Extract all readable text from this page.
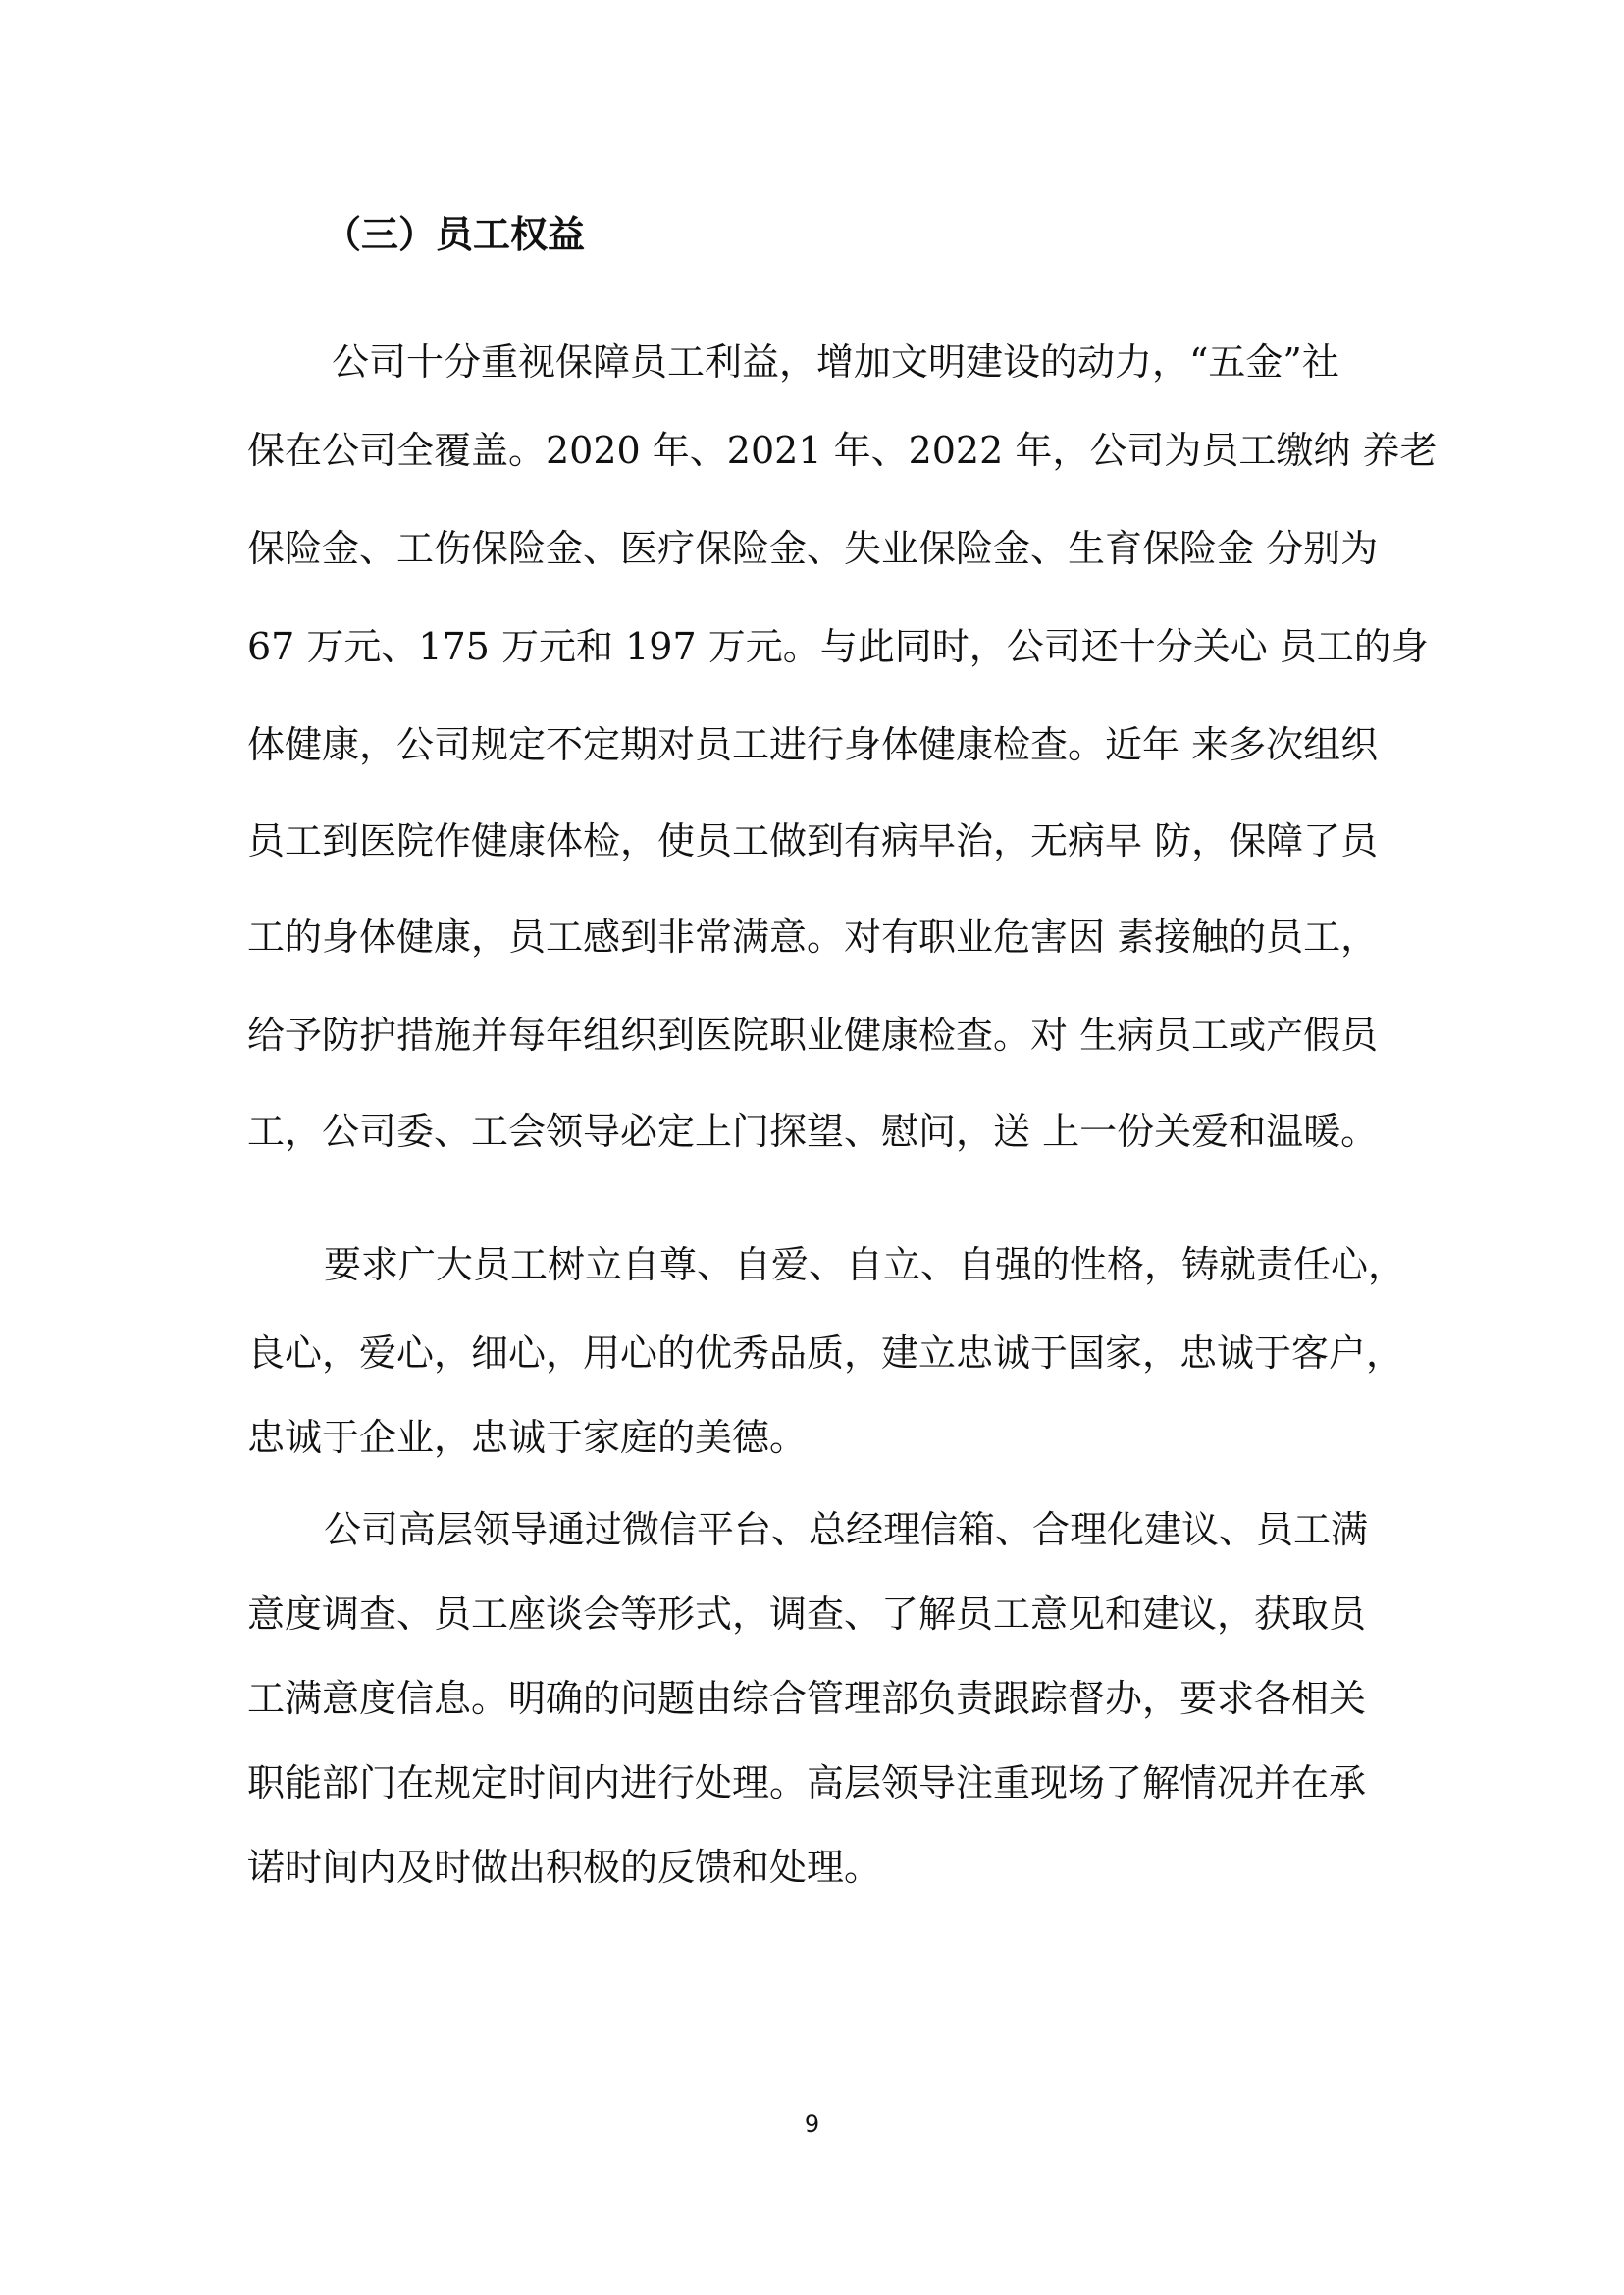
（三）员工权益
公司十分重视保障员工利益，增加文明建设的动力，“五金”社
保在公司全覆盖。2020 年、2021 年、2022 年，公司为员工缴纳 养老
保险金、工伤保险金、医疗保险金、失业保险金、生育保险金 分别为
67 万元、175 万元和 197 万元。与此同时，公司还十分关心 员工的身
体健康，公司规定不定期对员工进行身体健康检查。近年 来多次组织
员工到医院作健康体检，使员工做到有病早治，无病早 防，保障了员
工的身体健康，员工感到非常满意。对有职业危害因 素接触的员工，
给予防护措施并每年组织到医院职业健康检查。对 生病员工或产假员
工，公司委、工会领导必定上门探望、慰问，送 上一份关爱和温暖。
要求广大员工树立自尊、自爱、自立、自强的性格，铸就责任心，
良心，爱心，细心，用心的优秀品质，建立忠诚于国家，忠诚于客户，
忠诚于企业，忠诚于家庭的美德。
公司高层领导通过微信平台、总经理信箱、合理化建议、员工满
意度调查、员工座谈会等形式，调查、了解员工意见和建议，获取员
工满意度信息。明确的问题由综合管理部负责跟踪督办，要求各相关
职能部门在规定时间内进行处理。高层领导注重现场了解情况并在承
诺时间内及时做出积极的反馈和处理。
9
